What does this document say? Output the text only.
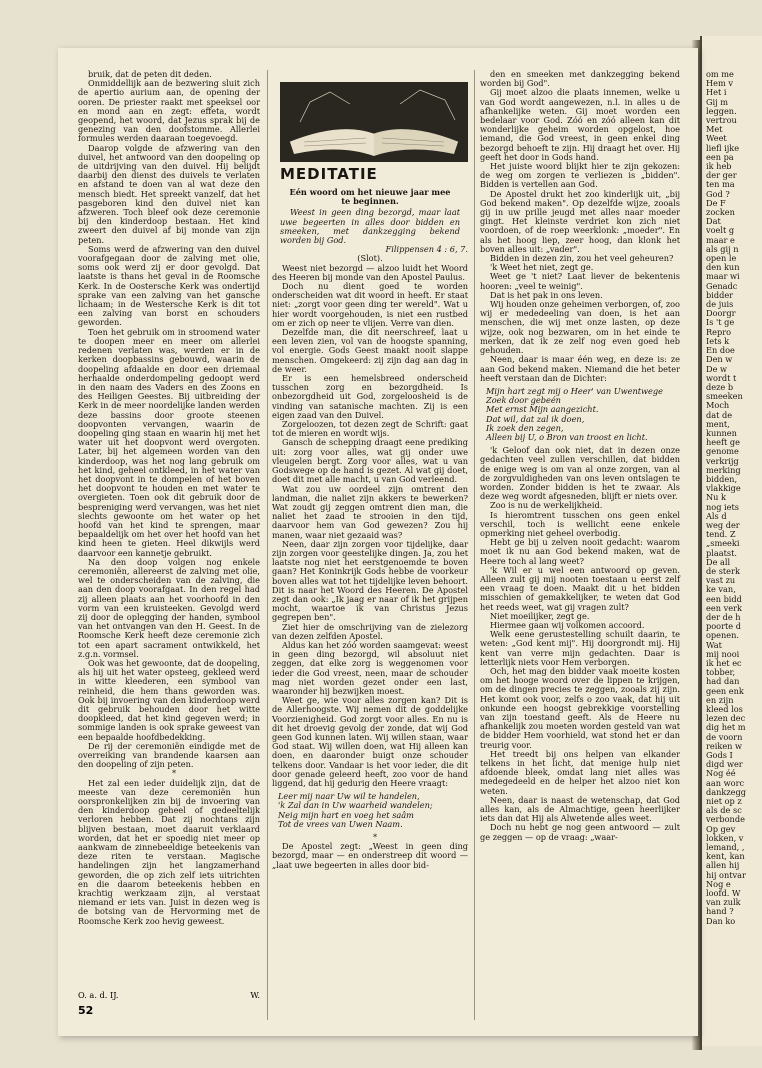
bruik, dat de peten dit deden.

Onmiddellijk aan de bezwering sluit zich de apertio aurium aan, de opening der ooren. De priester raakt met speeksel oor en mond aan en zegt: effeta, wordt geopend, het woord, dat Jezus sprak bij de genezing van den doofstomme. Allerlei formules werden daaraan toegevoegd.

Daarop volgde de afzwering van den duivel, het antwoord van den doopeling op de uitdrijving van den duivel. Hij belijdt daarbij den dienst des duivels te verlaten en afstand te doen van al wat deze den mensch biedt. Het spreekt vanzelf, dat het pasgeboren kind den duivel niet kan afzweren. Toch bleef ook deze ceremonie bij den kinderdoop bestaan. Het kind zweert den duivel af bij monde van zijn peten.

Soms werd de afzwering van den duivel voorafgegaan door de zalving met olie, soms ook werd zij er door gevolgd. Dat laatste is thans het geval in de Roomsche Kerk. In de Oostersche Kerk was ondertijd sprake van een zalving van het gansche lichaam; in de Westersche Kerk is dit tot een zalving van borst en schouders geworden.

Toen het gebruik om in stroomend water te doopen meer en meer om allerlei redenen verlaten was, werden er in de kerken doopbassins gebouwd, waarin de doopeling afdaalde en door een driemaal herhaalde onderdompeling gedoopt werd in den naam des Vaders en des Zoons en des Heiligen Geestes. Bij uitbreiding der Kerk in de meer noordelijke landen werden deze bassins door groote steenen doopvonten vervangen, waarin de doopeling ging staan en waarin hij met het water uit het doopvont werd overgoten. Later, bij het algemeen worden van den kinderdoop, was het nog lang gebruik om het kind, geheel ontkleed, in het water van het doopvont in te dompelen of het boven het doopvont te houden en met water te overgieten. Toen ook dit gebruik door de bespreniging werd vervangen, was het niet slechts gewoonte om het water op het hoofd van het kind te sprengen, maar bepaaldelijk om het over het hoofd van het kind heen te gieten. Heel dikwijls werd daarvoor een kannetje gebruikt.

Na den doop volgen nog enkele ceremoniën, allereerst de zalving met olie, wel te onderscheiden van de zalving, die aan den doop voorafgaat. In den regel had zij alleen plaats aan het voorhoofd in den vorm van een kruisteeken. Gevolgd werd zij door de oplegging der handen, symbool van het ontvangen van den H. Geest. In de Roomsche Kerk heeft deze ceremonie zich tot een apart sacrament ontwikkeld, het z.g.n. vormsel.

Ook was het gewoonte, dat de doopeling, als hij uit het water opsteeg, gekleed werd in witte kleederen, een symbool van reinheid, die hem thans geworden was. Ook bij invoering van den kinderdoop werd dit gebruik behouden door het witte doopkleed, dat het kind gegeven werd; in sommige landen is ook sprake geweest van een bepaalde hoofdbedekking.

De rij der ceremoniën eindigde met de overreiking van brandende kaarsen aan den doopeling of zijn peten.

*

Het zal een ieder duidelijk zijn, dat de meeste van deze ceremoniën hun oorspronkelijken zin bij de invoering van den kinderdoop geheel of gedeeltelijk verloren hebben. Dat zij nochtans zijn blijven bestaan, moet daaruit verklaard worden, dat het er spoedig niet meer op aankwam de zinnebeeldige beteekenis van deze riten te verstaan. Magische handelingen zijn het langzamerhand geworden, die op zich zelf iets uitrichten en die daarom beteekenis hebben en krachtig werkzaam zijn, al verstaat niemand er iets van. Juist in dezen weg is de botsing van de Hervorming met de Roomsche Kerk zoo hevig geweest.

MEDITATIE

Eén woord om het nieuwe jaar mee te beginnen.

Weest in geen ding bezorgd, maar laat uwe begeerten in alles door bidden en smeeken, met dankzegging bekend worden bij God.

Filippensen 4 : 6, 7.

(Slot).

Weest niet bezorgd — alzoo luidt het Woord des Heeren bij monde van den Apostel Paulus.

Doch nu dient goed te worden onderscheiden wat dit woord in heeft. Er staat niet: „zorgt voor geen ding ter wereld". Wat u hier wordt voorgehouden, is niet een rustbed om er zich op neer te vlijen. Verre van dien.

Dezelfde man, die dit neerschreef, laat u een leven zien, vol van de hoogste spanning, vol energie. Gods Geest maakt nooit slappe menschen. Omgekeerd: zij zijn dag aan dag in de weer.

Er is een hemelsbreed onderscheid tusschen zorg en bezorgdheid. Is onbezorgdheid uit God, zorgeloosheid is de vinding van satanische machten. Zij is een eigen zaad van den Duivel.

Zorgeloozen, tot dezen zegt de Schrift: gaat tot de mieren en wordt wijs.

Gansch de schepping draagt eene prediking uit: zorg voor alles, wat gij onder uwe vleugelen bergt. Zorg voor alles, wat u van Godswege op de hand is gezet. Al wat gij doet, doet dit met alle macht, u van God verleend.

Wat zou uw oordeel zijn omtrent den landman, die naliet zijn akkers te bewerken? Wat zoudt gij zeggen omtrent dien man, die naliet het zaad te strooien in den tijd, daarvoor hem van God gewezen? Zou hij manen, waar niet gezaaid was?

Neen, daar zijn zorgen voor tijdelijke, daar zijn zorgen voor geestelijke dingen. Ja, zou het laatste nog niet het eerstgenoemde te boven gaan? Het Koninkrijk Gods hebbe de voorkeur boven alles wat tot het tijdelijke leven behoort. Dit is naar het Woord des Heeren. De Apostel zegt dan ook: „Ik jaag er naar of ik het grijpen mocht, waartoe ik van Christus Jezus gegrepen ben".

Ziet hier de omschrijving van de zielezorg van dezen zelfden Apostel.

Aldus kan het zóó worden saamgevat: weest in geen ding bezorgd, wil absoluut niet zeggen, dat elke zorg is weggenomen voor ieder die God vreest, neen, maar de schouder mag niet worden gezet onder een last, waaronder hij bezwijken moest.

Weet ge, wie voor alles zorgen kan? Dit is de Allerhoogste. Wij nemen dit de goddelijke Voorzienigheid. God zorgt voor alles. En nu is dit het droevig gevolg der zonde, dat wij God geen God kunnen laten. Wij willen staan, waar God staat. Wij willen doen, wat Hij alleen kan doen, en daaronder buigt onze schouder telkens door. Vandaar is het voor ieder, die dit door genade geleerd heeft, zoo voor de hand liggend, dat hij gedurig den Heere vraagt:

Leer mij naar Uw wil te handelen,

'k Zal dan in Uw waarheid wandelen;

Neig mijn hart en voeg het saâm

Tot de vrees van Uwen Naam.

*

De Apostel zegt: „Weest in geen ding bezorgd, maar — en onderstreep dit woord — „laat uwe begeerten in alles door bid-

den en smeeken met dankzegging bekend worden bij God".

Gij moet alzoo die plaats innemen, welke u van God wordt aangewezen, n.l. in alles u de afhankelijke weten. Gij moet worden een bedelaar voor God. Zóó en zóó alleen kan dit wonderlijke geheim worden opgelost, hoe iemand, die God vreest, in geen enkel ding bezorgd behoeft te zijn. Hij draagt het over. Hij geeft het door in Gods hand.

Het juiste woord blijkt hier te zijn gekozen: de weg om zorgen te verliezen is „bidden". Bidden is vertellen aan God.

De Apostel drukt het zoo kinderlijk uit, „bij God bekend maken". Op dezelfde wijze, zooals gij in uw prille jeugd met alles naar moeder gingt. Het kleinste verdriet kon zich niet voordoen, of de roep weerklonk: „moeder". En als het hoog liep, zeer hoog, dan klonk het boven alles uit: „vader".

Bidden in dezen zin, zou het veel geheuren?

'k Weet het niet, zegt ge.

Weet ge 't niet? Laat liever de bekentenis hooren: „veel te weinig".

Dat is het pak in ons leven.

Wij houden onze geheimen verborgen, of, zoo wij er mededeeling van doen, is het aan menschen, die wij met onze lasten, op deze wijze, ook nog bezwaren, om in het einde te merken, dat ik ze zelf nog even goed heb gehouden.

Neen, daar is maar één weg, en deze is: ze aan God bekend maken. Niemand die het beter heeft verstaan dan de Dichter:

Mijn hart zegt mij o Heer' van Uwentwege

Zoek door gebeén

Met ernst Mijn aangezicht.

Dat wil, dat zal ik doen,

Ik zoek den zegen,

Alleen bij U, o Bron van troost en licht.

'k Geloof dan ook niet, dat in dezen onze gedachten veel zullen verschillen, dat bidden de enige weg is om van al onze zorgen, van al de zorgvuldigheden van ons leven ontslagen te worden. Zonder bidden is het te zwaar. Als deze weg wordt afgesneden, blijft er niets over.

Zoo is nu de werkelijkheid.

Is hieromtrent tusschen ons geen enkel verschil, toch is wellicht eene enkele opmerking niet geheel overbodig.

Hebt ge bij u zelven nooit gedacht: waarom moet ik nu aan God bekend maken, wat de Heere toch al lang weet?

'k Wil er u wel een antwoord op geven. Alleen zult gij mij nooten toestaan u eerst zelf een vraag te doen. Maakt dit u het bidden misschien of gemakkelijker, te weten dat God het reeds weet, wat gij vragen zult?

Niet moeilijker, zegt ge.

Hiermee gaan wij volkomen accoord.

Welk eene gerustestelling schuilt daarin, te weten: „God kent mij". Hij doorgrondt mij. Hij kent van verre mijn gedachten. Daar is letterlijk niets voor Hem verborgen.

Och, het mag den bidder vaak moeite kosten om het hooge woord over de lippen te krijgen, om de dingen precies te zeggen, zooals zij zijn. Het komt ook voor, zelfs o zoo vaak, dat hij uit onkunde een hoogst gebrekkige voorstelling van zijn toestand geeft. Als de Heere nu afhankelijk zou moeten worden gesteld van wat de bidder Hem voorhield, wat stond het er dan treurig voor.

Het treedt bij ons helpen van elkander telkens in het licht, dat menige hulp niet afdoende bleek, omdat lang niet alles was medegedeeld en de helper het alzoo niet kon weten.

Neen, daar is naast de wetenschap, dat God alles kan, als de Almachtige, geen heerlijker iets dan dat Hij als Alwetende alles weet.

Doch nu hebt ge nog geen antwoord — zult ge zeggen — op de vraag: „waar-

om me
Hem v
Het i
Gij m
leggen.
vertrou
Met
Weet
liefl ijke
een pa
ik heb
der ger
ten ma
God ?
De F
zocken
Dat
voelt g
maar e
als gij n
open le
den kun
maar wi
Genadc
bidder
de juis
Doorgr
Is 't ge
Repro
Iets k
En doe
Den w
De w
wordt t
deze b
smeeken
Moch
dat de
ment,
kunnen
heeft ge
genome
verkrijg
merking
bidden,
vlakkige
Nu k
nog iets
Als d
weg der
tend. Z
„smeeki
plaatst.
De all
de sterk
vast zu
ke van,
een bidd
een verk
der de h
poorte d
openen.
Wat
mij nooi
ik het ec
tobber,
had dan
geen enk
en zijn
kleed los
lezen dec
dig het m
de voorn
reiken w
Gods I
digd wer
Nog éé
aan worc
dankzegg
niet op z
als de sc
verbonde
Op gev
lokken, v
lemand, ,
kent, kan
allen hij
hij ontvar
Nog e
loofd. W
van zulk
hand ?
Dan ko
O. a. d. IJ.	W.
52
